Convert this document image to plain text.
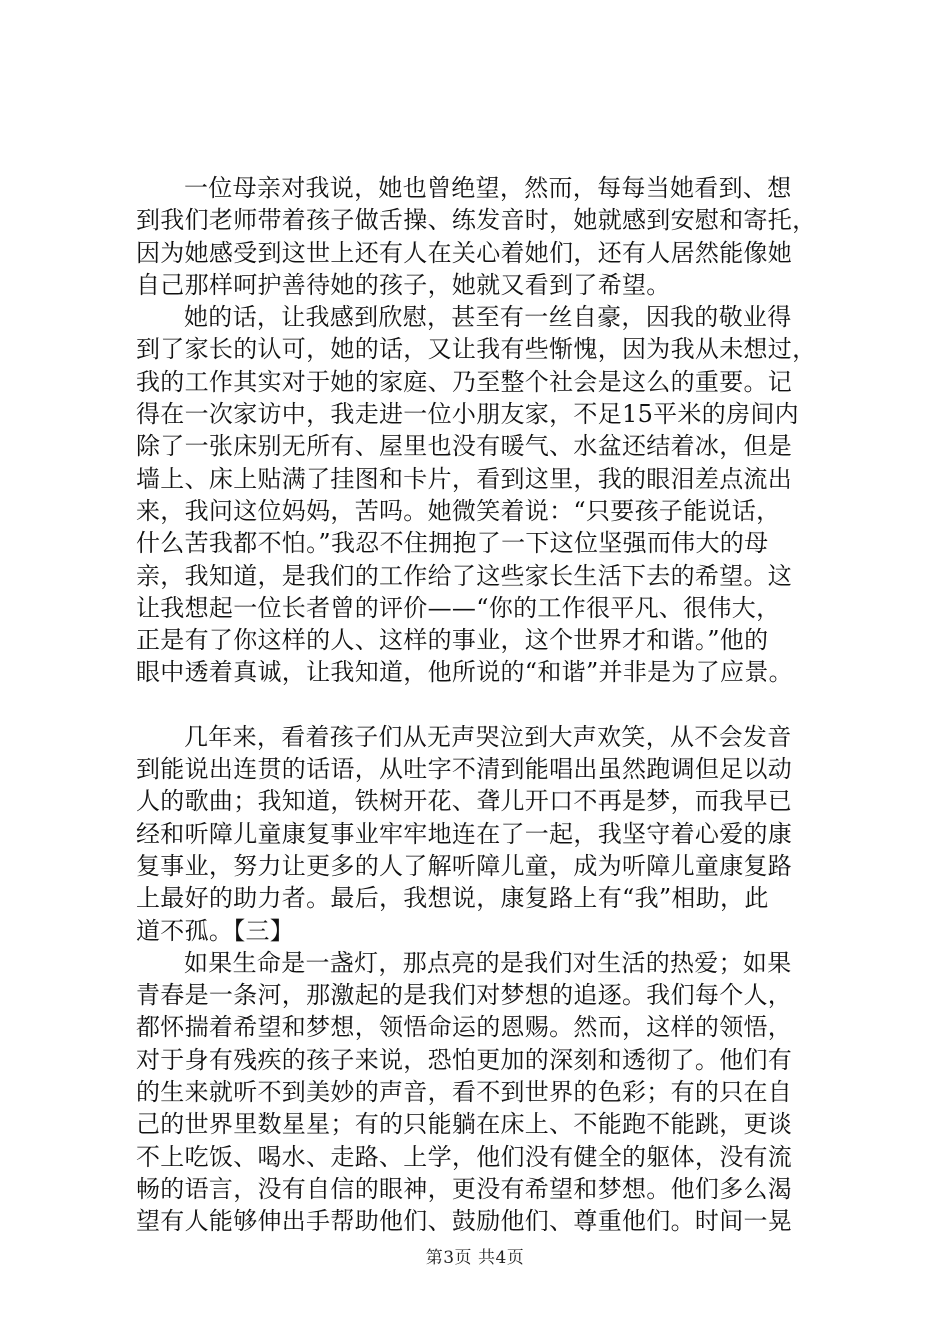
一位母亲对我说，她也曾绝望，然而，每每当她看到、想
到我们老师带着孩子做舌操、练发音时，她就感到安慰和寄托，
因为她感受到这世上还有人在关心着她们，还有人居然能像她
自己那样呵护善待她的孩子，她就又看到了希望。

她的话，让我感到欣慰，甚至有一丝自豪，因我的敬业得
到了家长的认可，她的话，又让我有些惭愧，因为我从未想过，
我的工作其实对于她的家庭、乃至整个社会是这么的重要。记
得在一次家访中，我走进一位小朋友家，不足15平米的房间内
除了一张床别无所有、屋里也没有暖气、水盆还结着冰，但是
墙上、床上贴满了挂图和卡片，看到这里，我的眼泪差点流出
来，我问这位妈妈，苦吗。她微笑着说：“只要孩子能说话，
什么苦我都不怕。”我忍不住拥抱了一下这位坚强而伟大的母
亲，我知道，是我们的工作给了这些家长生活下去的希望。这
让我想起一位长者曾的评价——“你的工作很平凡、很伟大，
正是有了你这样的人、这样的事业，这个世界才和谐。”他的
眼中透着真诚，让我知道，他所说的“和谐”并非是为了应景。

几年来，看着孩子们从无声哭泣到大声欢笑，从不会发音
到能说出连贯的话语，从吐字不清到能唱出虽然跑调但足以动
人的歌曲；我知道，铁树开花、聋儿开口不再是梦，而我早已
经和听障儿童康复事业牢牢地连在了一起，我坚守着心爱的康
复事业，努力让更多的人了解听障儿童，成为听障儿童康复路
上最好的助力者。最后，我想说，康复路上有“我”相助，此
道不孤。【三】

如果生命是一盏灯，那点亮的是我们对生活的热爱；如果
青春是一条河，那激起的是我们对梦想的追逐。我们每个人，
都怀揣着希望和梦想，领悟命运的恩赐。然而，这样的领悟，
对于身有残疾的孩子来说，恐怕更加的深刻和透彻了。他们有
的生来就听不到美妙的声音，看不到世界的色彩；有的只在自
己的世界里数星星；有的只能躺在床上、不能跑不能跳，更谈
不上吃饭、喝水、走路、上学，他们没有健全的躯体，没有流
畅的语言，没有自信的眼神，更没有希望和梦想。他们多么渴
望有人能够伸出手帮助他们、鼓励他们、尊重他们。时间一晃

第3页 共4页
